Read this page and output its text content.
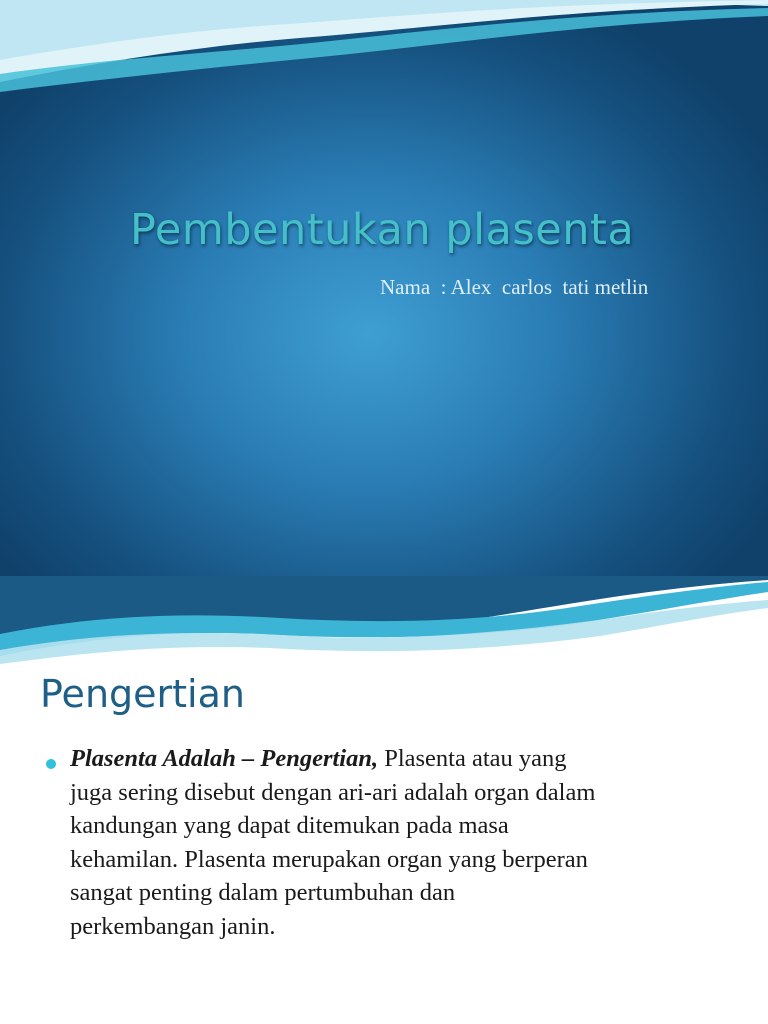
Pembentukan plasenta
Nama  : Alex  carlos  tati metlin
Pengertian

Plasenta Adalah – Pengertian, Plasenta atau yang
juga sering disebut dengan ari-ari adalah organ dalam
kandungan yang dapat ditemukan pada masa
kehamilan. Plasenta merupakan organ yang berperan
sangat penting dalam pertumbuhan dan
perkembangan janin.
